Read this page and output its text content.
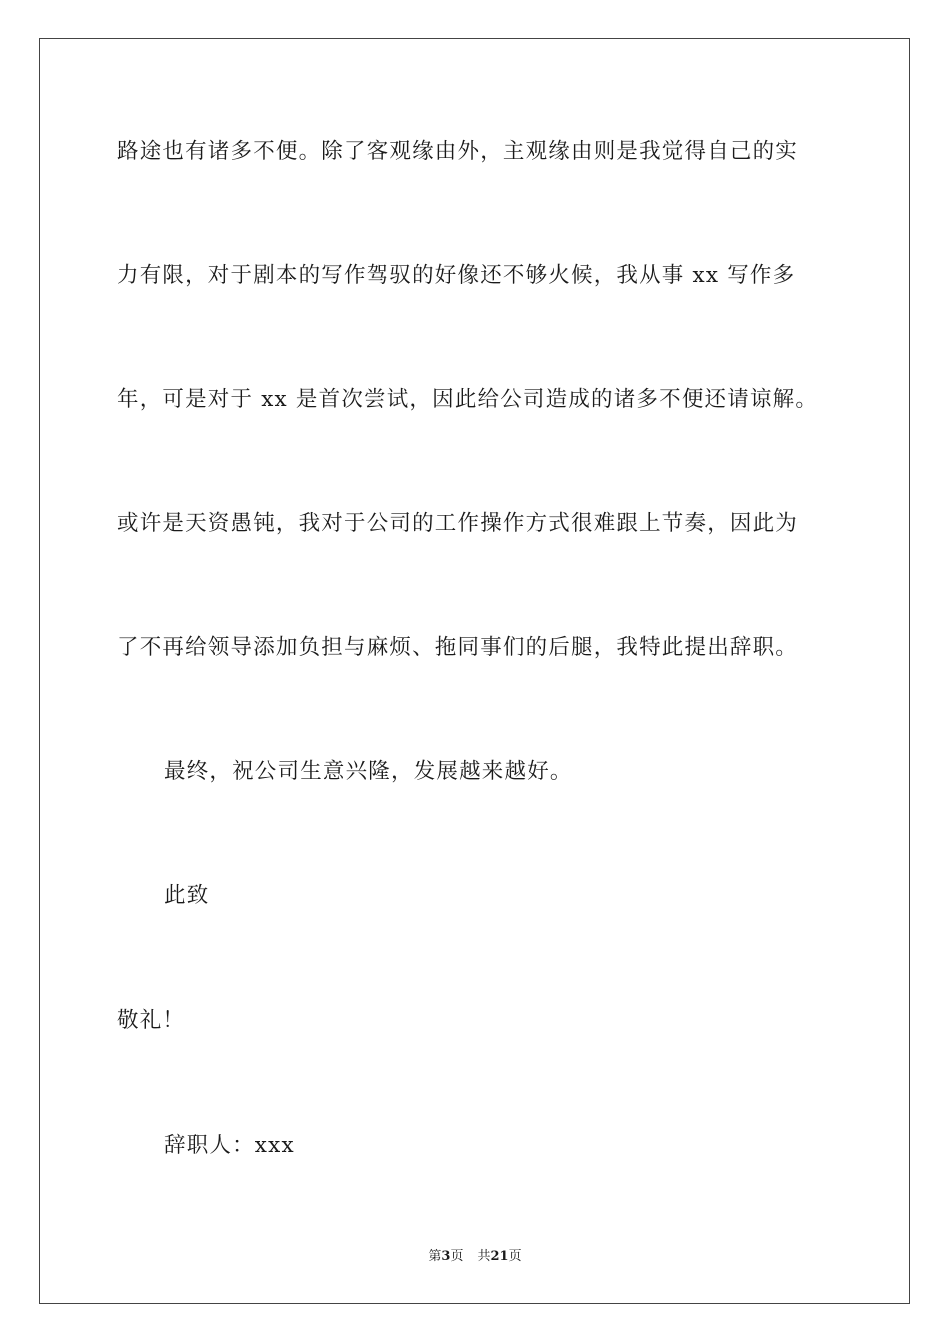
路途也有诸多不便。除了客观缘由外，主观缘由则是我觉得自己的实
力有限，对于剧本的写作驾驭的好像还不够火候，我从事 xx 写作多
年，可是对于 xx 是首次尝试，因此给公司造成的诸多不便还请谅解。
或许是天资愚钝，我对于公司的工作操作方式很难跟上节奏，因此为
了不再给领导添加负担与麻烦、拖同事们的后腿，我特此提出辞职。
最终，祝公司生意兴隆，发展越来越好。
此致
敬礼！
辞职人：xxx
第3页 共21页
